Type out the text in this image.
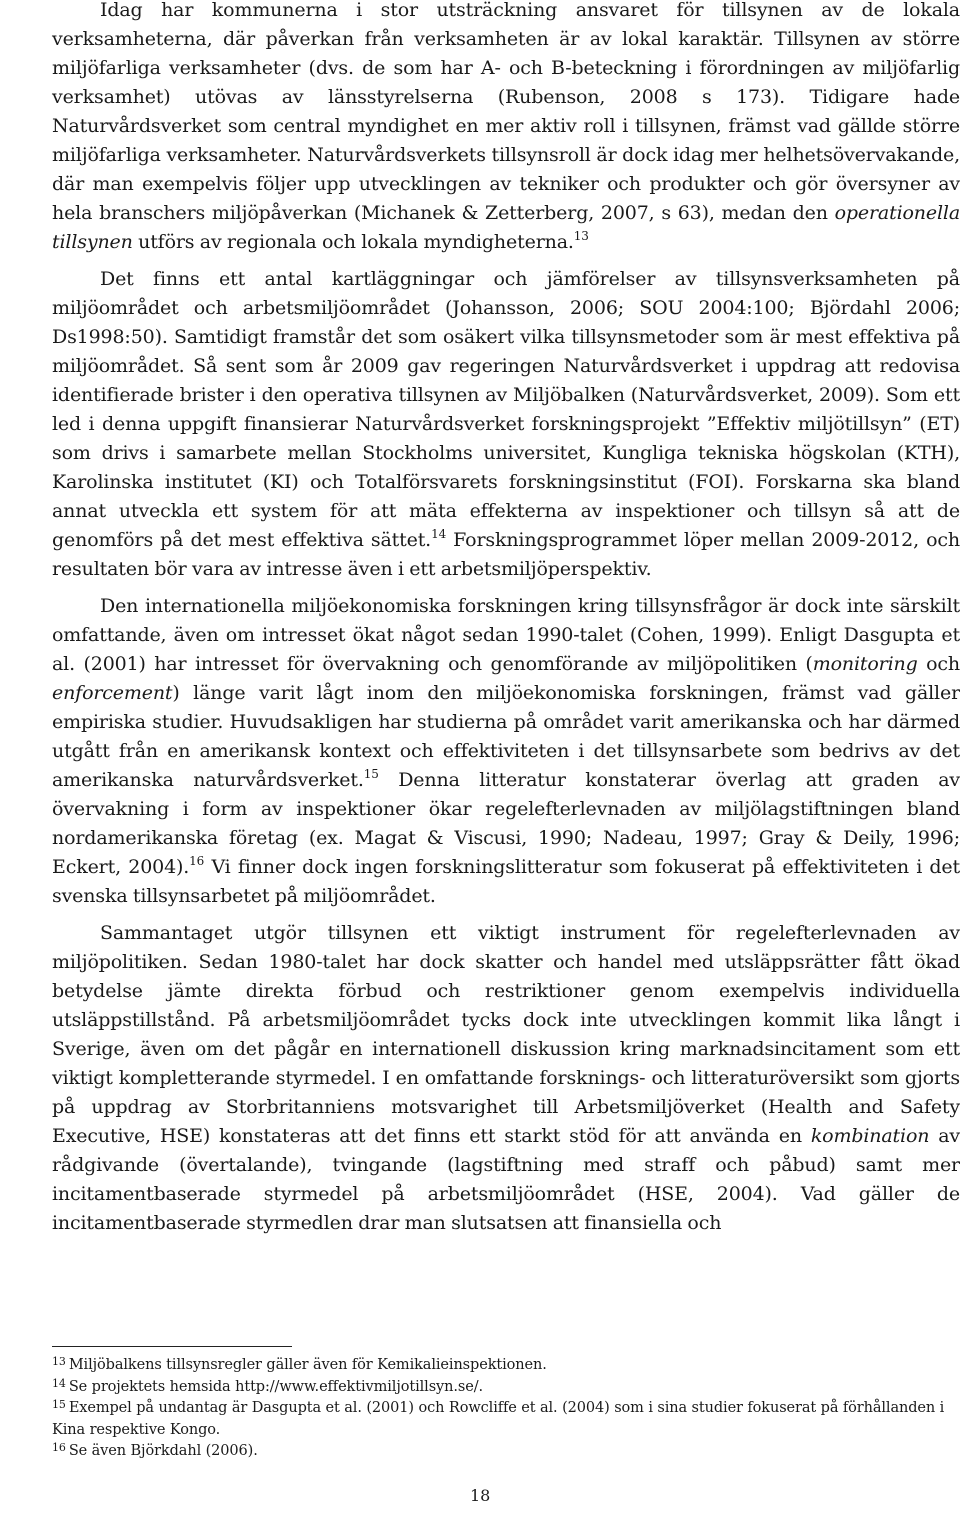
Idag har kommunerna i stor utsträckning ansvaret för tillsynen av de lokala verksamheterna, där påverkan från verksamheten är av lokal karaktär. Tillsynen av större miljöfarliga verksamheter (dvs. de som har A- och B-beteckning i förordningen av miljöfarlig verksamhet) utövas av länsstyrelserna (Rubenson, 2008 s 173). Tidigare hade Naturvårdsverket som central myndighet en mer aktiv roll i tillsynen, främst vad gällde större miljöfarliga verksamheter. Naturvårdsverkets tillsynsroll är dock idag mer helhetsövervakande, där man exempelvis följer upp utvecklingen av tekniker och produkter och gör översyner av hela branschers miljöpåverkan (Michanek & Zetterberg, 2007, s 63), medan den operationella tillsynen utförs av regionala och lokala myndigheterna.$^{13}$

Det finns ett antal kartläggningar och jämförelser av tillsynsverksamheten på miljöområdet och arbetsmiljöområdet (Johansson, 2006; SOU 2004:100; Björdahl 2006; Ds1998:50). Samtidigt framstår det som osäkert vilka tillsynsmetoder som är mest effektiva på miljöområdet. Så sent som år 2009 gav regeringen Naturvårdsverket i uppdrag att redovisa identifierade brister i den operativa tillsynen av Miljöbalken (Naturvårdsverket, 2009). Som ett led i denna uppgift finansierar Naturvårdsverket forskningsprojekt ”Effektiv miljötillsyn” (ET) som drivs i samarbete mellan Stockholms universitet, Kungliga tekniska högskolan (KTH), Karolinska institutet (KI) och Totalförsvarets forskningsinstitut (FOI). Forskarna ska bland annat utveckla ett system för att mäta effekterna av inspektioner och tillsyn så att de genomförs på det mest effektiva sättet.$^{14}$ Forskningsprogrammet löper mellan 2009-2012, och resultaten bör vara av intresse även i ett arbetsmiljöperspektiv.

Den internationella miljöekonomiska forskningen kring tillsynsfrågor är dock inte särskilt omfattande, även om intresset ökat något sedan 1990-talet (Cohen, 1999). Enligt Dasgupta et al. (2001) har intresset för övervakning och genomförande av miljöpolitiken (monitoring och enforcement) länge varit lågt inom den miljöekonomiska forskningen, främst vad gäller empiriska studier. Huvudsakligen har studierna på området varit amerikanska och har därmed utgått från en amerikansk kontext och effektiviteten i det tillsynsarbete som bedrivs av det amerikanska naturvårdsverket.$^{15}$ Denna litteratur konstaterar överlag att graden av övervakning i form av inspektioner ökar regelefterlevnaden av miljölagstiftningen bland nordamerikanska företag (ex. Magat & Viscusi, 1990; Nadeau, 1997; Gray & Deily, 1996; Eckert, 2004).$^{16}$ Vi finner dock ingen forskningslitteratur som fokuserat på effektiviteten i det svenska tillsynsarbetet på miljöområdet.

Sammantaget utgör tillsynen ett viktigt instrument för regelefterlevnaden av miljöpolitiken. Sedan 1980-talet har dock skatter och handel med utsläppsrätter fått ökad betydelse jämte direkta förbud och restriktioner genom exempelvis individuella utsläppstillstånd. På arbetsmiljöområdet tycks dock inte utvecklingen kommit lika långt i Sverige, även om det pågår en internationell diskussion kring marknadsincitament som ett viktigt kompletterande styrmedel. I en omfattande forsknings- och litteraturöversikt som gjorts på uppdrag av Storbritanniens motsvarighet till Arbetsmiljöverket (Health and Safety Executive, HSE) konstateras att det finns ett starkt stöd för att använda en kombination av rådgivande (övertalande), tvingande (lagstiftning med straff och påbud) samt mer incitamentbaserade styrmedel på arbetsmiljöområdet (HSE, 2004). Vad gäller de incitamentbaserade styrmedlen drar man slutsatsen att finansiella och

$^{13}$ Miljöbalkens tillsynsregler gäller även för Kemikalieinspektionen.

$^{14}$ Se projektets hemsida http://www.effektivmiljotillsyn.se/.

$^{15}$ Exempel på undantag är Dasgupta et al. (2001) och Rowcliffe et al. (2004) som i sina studier fokuserat på förhållanden i Kina respektive Kongo.

$^{16}$ Se även Björkdahl (2006).

18
